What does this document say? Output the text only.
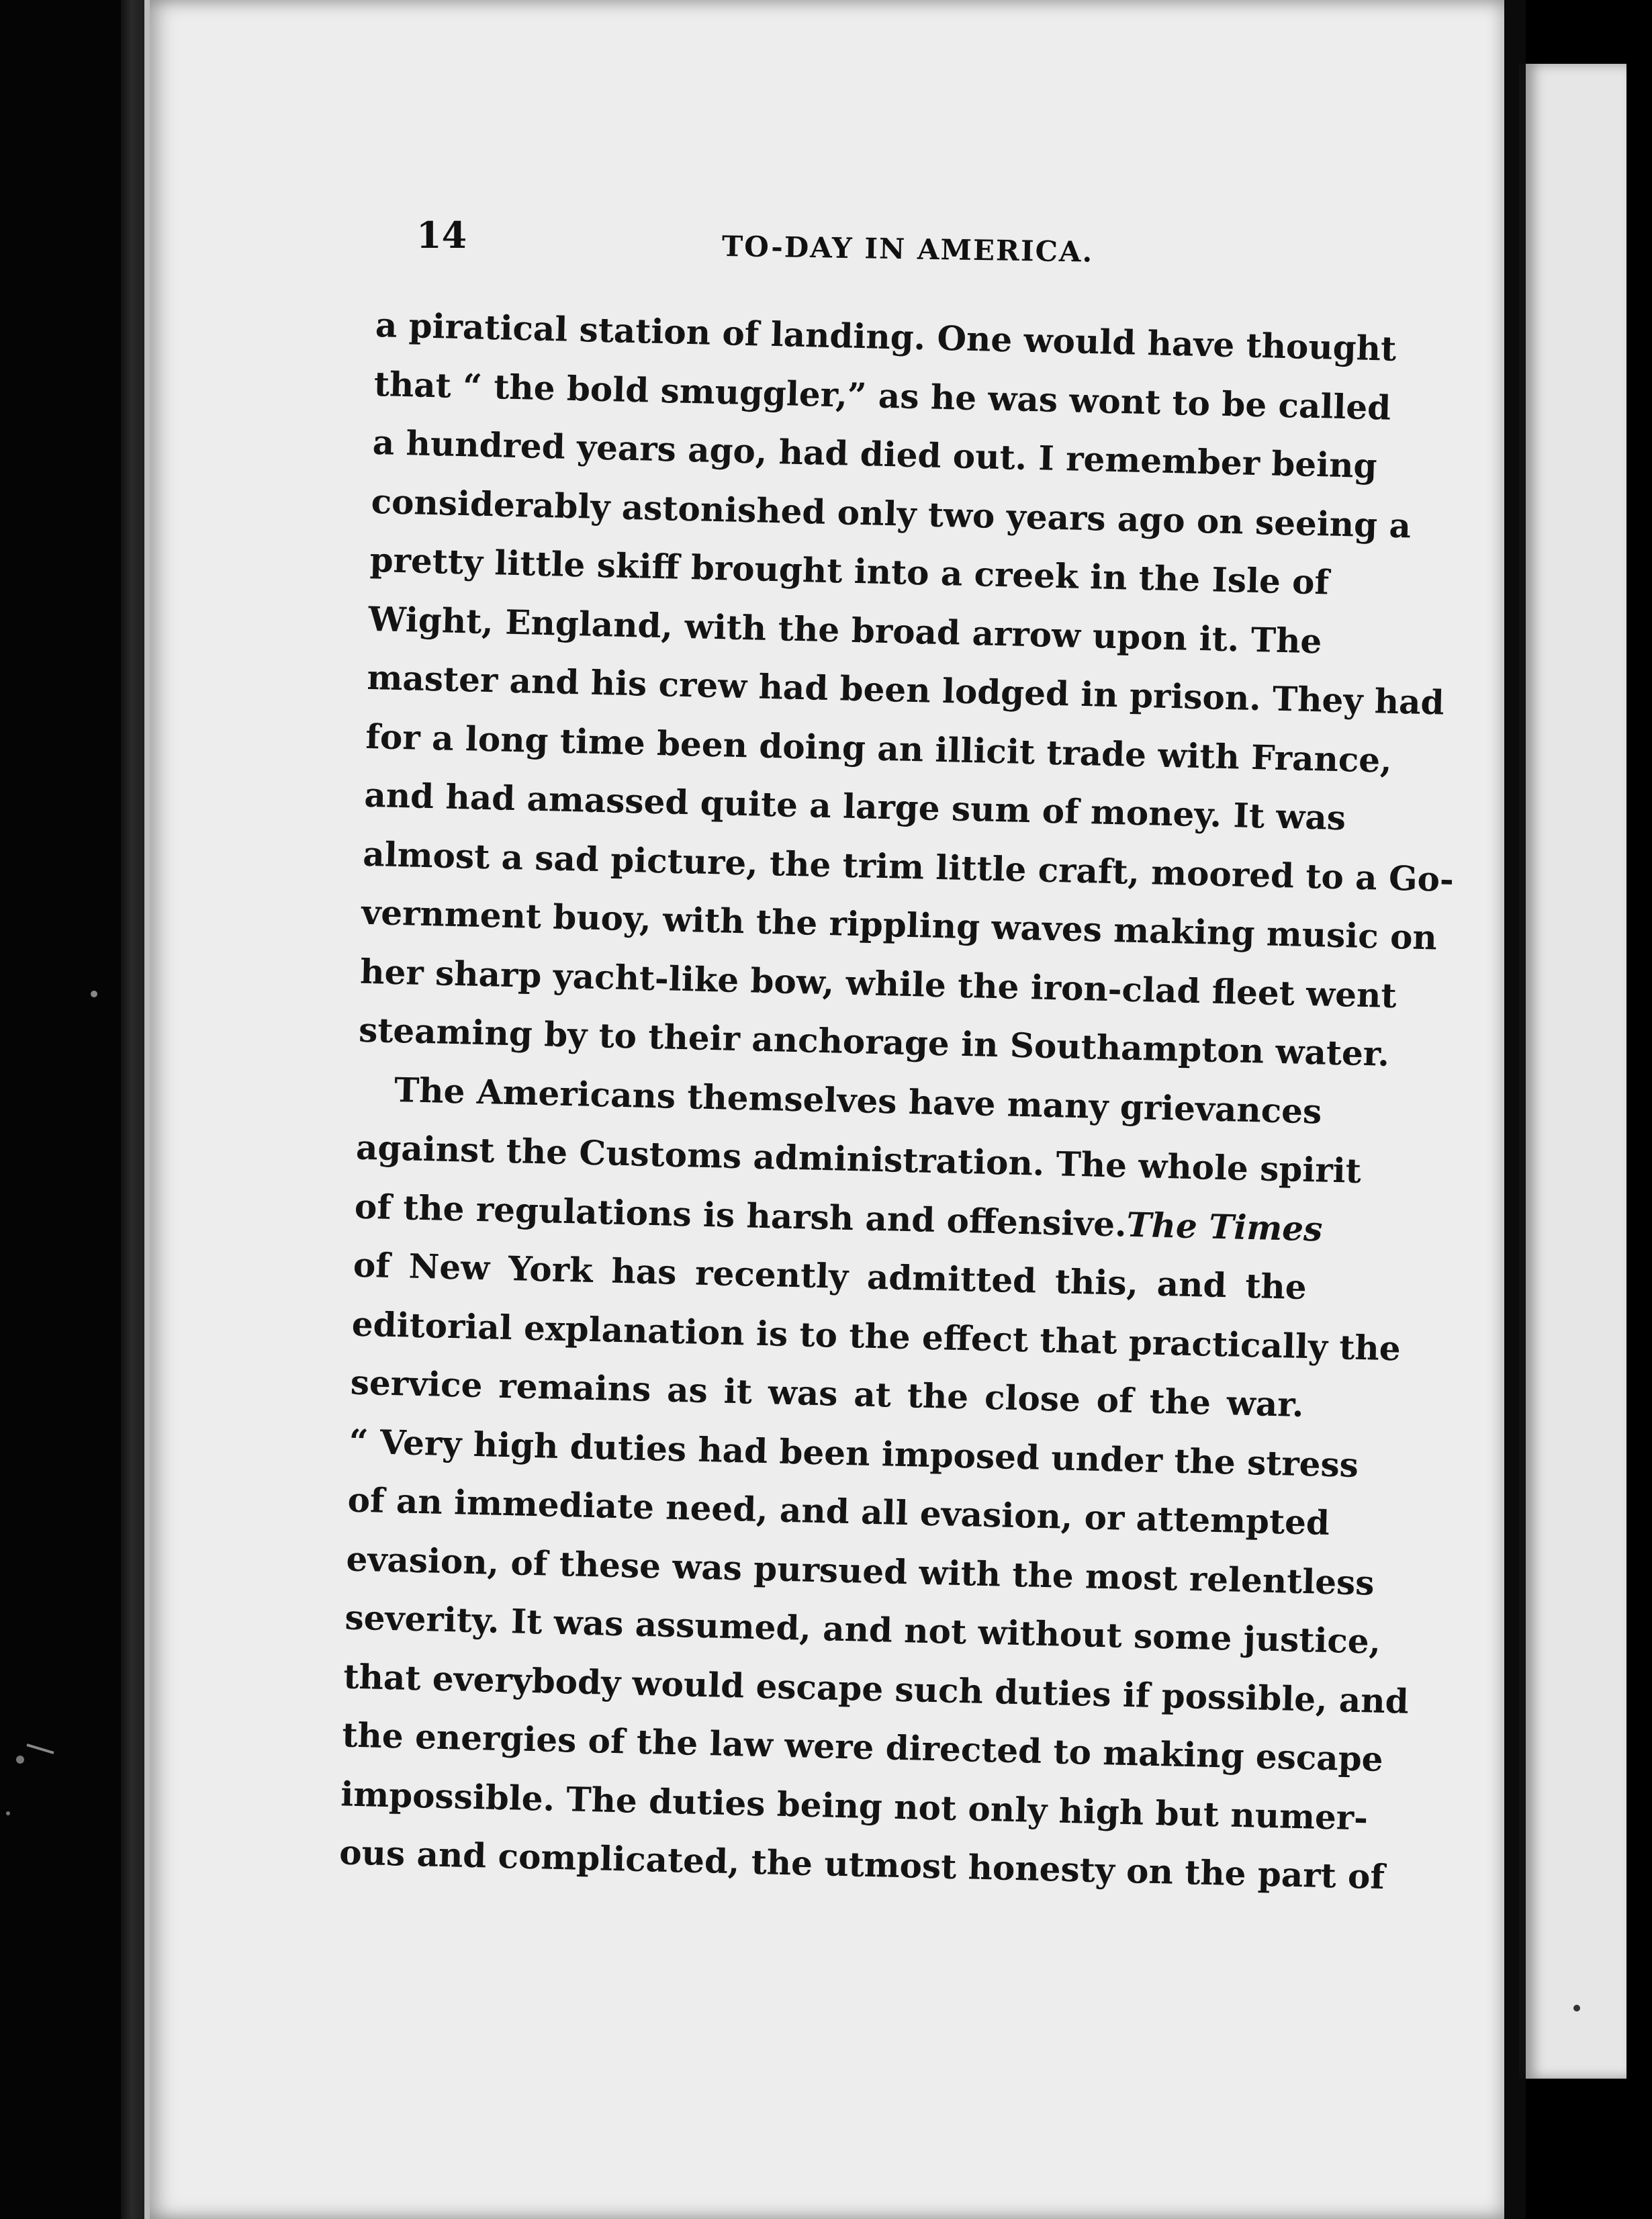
14	TO-DAY IN AMERICA.
a piratical station of landing. One would have thought
that “ the bold smuggler,” as he was wont to be called
a hundred years ago, had died out. I remember being
considerably astonished only two years ago on seeing a
pretty little skiff brought into a creek in the Isle of
Wight, England, with the broad arrow upon it. The
master and his crew had been lodged in prison. They had
for a long time been doing an illicit trade with France,
and had amassed quite a large sum of money. It was
almost a sad picture, the trim little craft, moored to a Go-
vernment buoy, with the rippling waves making music on
her sharp yacht-like bow, while the iron-clad fleet went
steaming by to their anchorage in Southampton water.
The Americans themselves have many grievances
against the Customs administration. The whole spirit
of the regulations is harsh and offensive.
The Times
of New York has recently admitted this, and the
editorial explanation is to the effect that practically the
service remains as it was at the close of the war.
“ Very high duties had been imposed under the stress
of an immediate need, and all evasion, or attempted
evasion, of these was pursued with the most relentless
severity. It was assumed, and not without some justice,
that everybody would escape such duties if possible, and
the energies of the law were directed to making escape
impossible. The duties being not only high but numer-
ous and complicated, the utmost honesty on the part of
